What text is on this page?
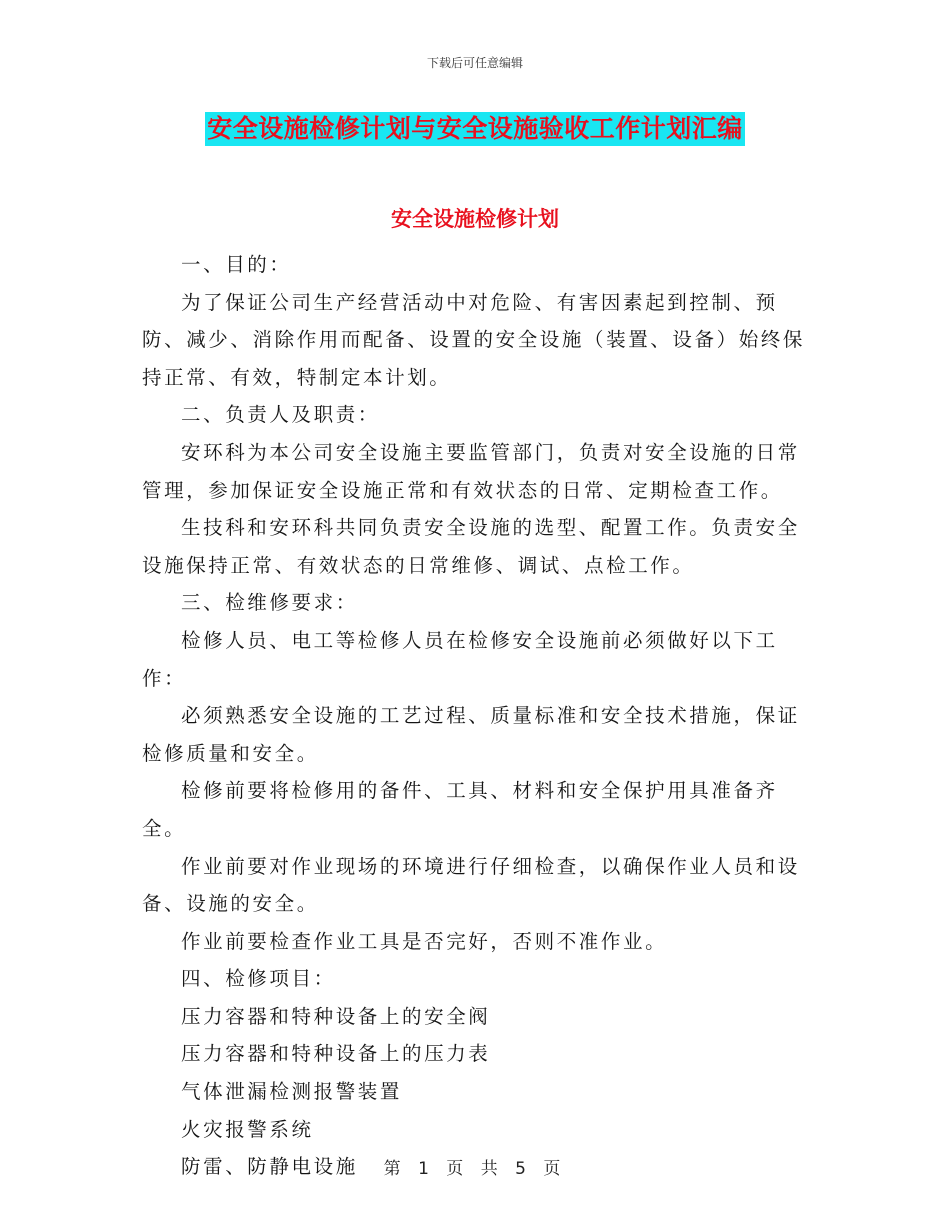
下载后可任意编辑
安全设施检修计划与安全设施验收工作计划汇编
安全设施检修计划

一、目的：

为了保证公司生产经营活动中对危险、有害因素起到控制、预防、减少、消除作用而配备、设置的安全设施（装置、设备）始终保持正常、有效，特制定本计划。

二、负责人及职责：

安环科为本公司安全设施主要监管部门，负责对安全设施的日常管理，参加保证安全设施正常和有效状态的日常、定期检查工作。

生技科和安环科共同负责安全设施的选型、配置工作。负责安全设施保持正常、有效状态的日常维修、调试、点检工作。

三、检维修要求：

检修人员、电工等检修人员在检修安全设施前必须做好以下工作：

必须熟悉安全设施的工艺过程、质量标准和安全技术措施，保证检修质量和安全。

检修前要将检修用的备件、工具、材料和安全保护用具准备齐全。

作业前要对作业现场的环境进行仔细检查，以确保作业人员和设备、设施的安全。

作业前要检查作业工具是否完好，否则不准作业。

四、检修项目：

压力容器和特种设备上的安全阀

压力容器和特种设备上的压力表

气体泄漏检测报警装置

火灾报警系统

防雷、防静电设施	第 1 页 共 5 页
